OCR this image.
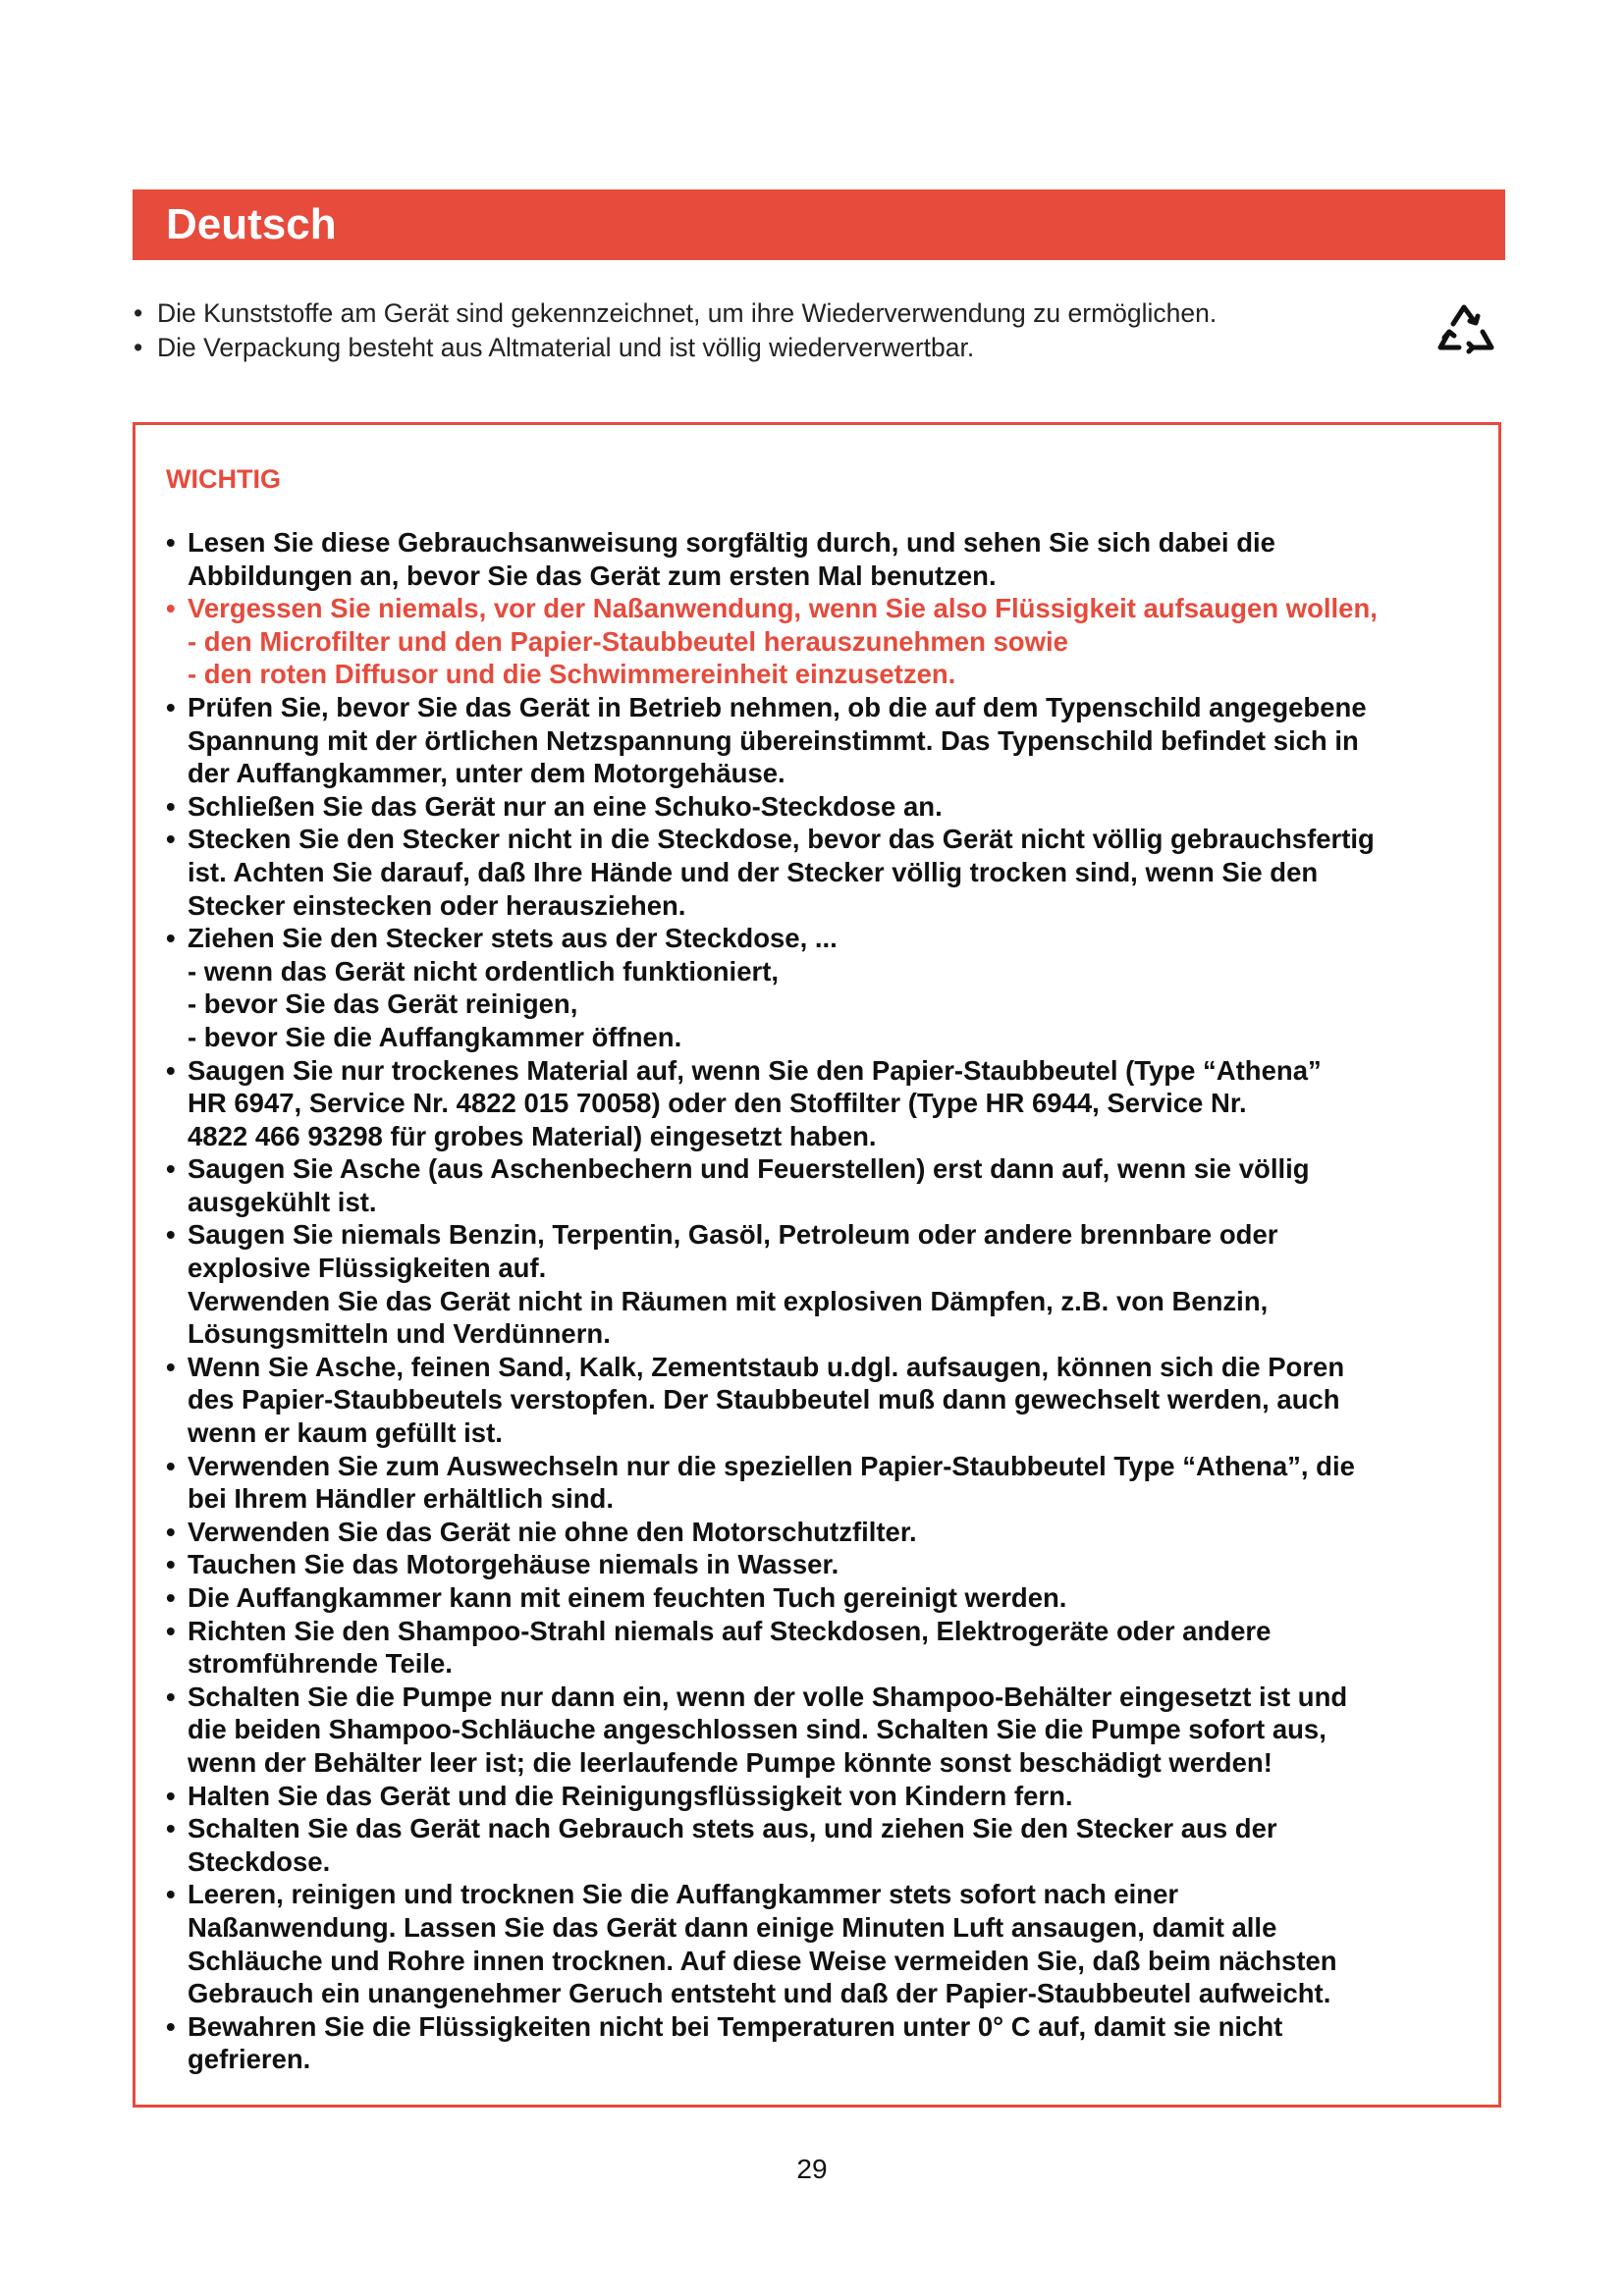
Deutsch
• Die Kunststoffe am Gerät sind gekennzeichnet, um ihre Wiederverwendung zu ermöglichen.
• Die Verpackung besteht aus Altmaterial und ist völlig wiederverwertbar.
WICHTIG
• Lesen Sie diese Gebrauchsanweisung sorgfältig durch, und sehen Sie sich dabei die
Abbildungen an, bevor Sie das Gerät zum ersten Mal benutzen.
• Vergessen Sie niemals, vor der Naßanwendung, wenn Sie also Flüssigkeit aufsaugen wollen,
- den Microfilter und den Papier-Staubbeutel herauszunehmen sowie
- den roten Diffusor und die Schwimmereinheit einzusetzen.
• Prüfen Sie, bevor Sie das Gerät in Betrieb nehmen, ob die auf dem Typenschild angegebene
Spannung mit der örtlichen Netzspannung übereinstimmt. Das Typenschild befindet sich in
der Auffangkammer, unter dem Motorgehäuse.
• Schließen Sie das Gerät nur an eine Schuko-Steckdose an.
• Stecken Sie den Stecker nicht in die Steckdose, bevor das Gerät nicht völlig gebrauchsfertig
ist. Achten Sie darauf, daß Ihre Hände und der Stecker völlig trocken sind, wenn Sie den
Stecker einstecken oder herausziehen.
• Ziehen Sie den Stecker stets aus der Steckdose, ...
- wenn das Gerät nicht ordentlich funktioniert,
- bevor Sie das Gerät reinigen,
- bevor Sie die Auffangkammer öffnen.
• Saugen Sie nur trockenes Material auf, wenn Sie den Papier-Staubbeutel (Type “Athena”
HR 6947, Service Nr. 4822 015 70058) oder den Stoffilter (Type HR 6944, Service Nr.
4822 466 93298 für grobes Material) eingesetzt haben.
• Saugen Sie Asche (aus Aschenbechern und Feuerstellen) erst dann auf, wenn sie völlig
ausgekühlt ist.
• Saugen Sie niemals Benzin, Terpentin, Gasöl, Petroleum oder andere brennbare oder
explosive Flüssigkeiten auf.
Verwenden Sie das Gerät nicht in Räumen mit explosiven Dämpfen, z.B. von Benzin,
Lösungsmitteln und Verdünnern.
• Wenn Sie Asche, feinen Sand, Kalk, Zementstaub u.dgl. aufsaugen, können sich die Poren
des Papier-Staubbeutels verstopfen. Der Staubbeutel muß dann gewechselt werden, auch
wenn er kaum gefüllt ist.
• Verwenden Sie zum Auswechseln nur die speziellen Papier-Staubbeutel Type “Athena”, die
bei Ihrem Händler erhältlich sind.
• Verwenden Sie das Gerät nie ohne den Motorschutzfilter.
• Tauchen Sie das Motorgehäuse niemals in Wasser.
• Die Auffangkammer kann mit einem feuchten Tuch gereinigt werden.
• Richten Sie den Shampoo-Strahl niemals auf Steckdosen, Elektrogeräte oder andere
stromführende Teile.
• Schalten Sie die Pumpe nur dann ein, wenn der volle Shampoo-Behälter eingesetzt ist und
die beiden Shampoo-Schläuche angeschlossen sind. Schalten Sie die Pumpe sofort aus,
wenn der Behälter leer ist; die leerlaufende Pumpe könnte sonst beschädigt werden!
• Halten Sie das Gerät und die Reinigungsflüssigkeit von Kindern fern.
• Schalten Sie das Gerät nach Gebrauch stets aus, und ziehen Sie den Stecker aus der
Steckdose.
• Leeren, reinigen und trocknen Sie die Auffangkammer stets sofort nach einer
Naßanwendung. Lassen Sie das Gerät dann einige Minuten Luft ansaugen, damit alle
Schläuche und Rohre innen trocknen. Auf diese Weise vermeiden Sie, daß beim nächsten
Gebrauch ein unangenehmer Geruch entsteht und daß der Papier-Staubbeutel aufweicht.
• Bewahren Sie die Flüssigkeiten nicht bei Temperaturen unter 0° C auf, damit sie nicht
gefrieren.
29
